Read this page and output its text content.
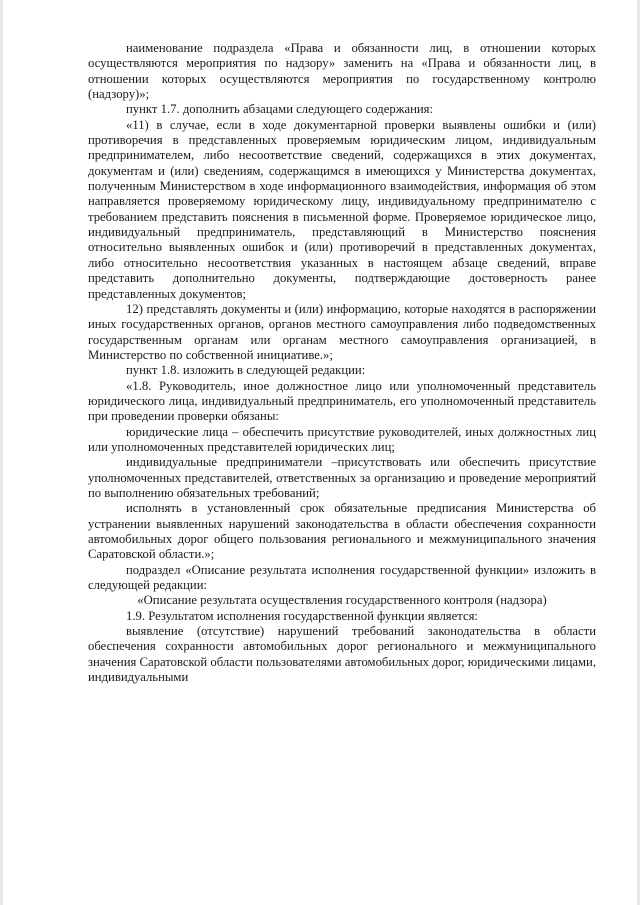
наименование подраздела «Права и обязанности лиц, в отношении которых осуществляются мероприятия по надзору» заменить на «Права и обязанности лиц, в отношении которых осуществляются мероприятия по государственному контролю (надзору)»;

пункт 1.7. дополнить абзацами следующего содержания:

«11) в случае, если в ходе документарной проверки выявлены ошибки и (или) противоречия в представленных проверяемым юридическим лицом, индивидуальным предпринимателем, либо несоответствие сведений, содержащихся в этих документах, документам и (или) сведениям, содержащимся в имеющихся у Министерства документах, полученным Министерством в ходе информационного взаимодействия, информация об этом направляется проверяемому юридическому лицу, индивидуальному предпринимателю с требованием представить пояснения в письменной форме. Проверяемое юридическое лицо, индивидуальный предприниматель, представляющий в Министерство пояснения относительно выявленных ошибок и (или) противоречий в представленных документах, либо относительно несоответствия указанных в настоящем абзаце сведений, вправе представить дополнительно документы, подтверждающие достоверность ранее представленных документов;

12) представлять документы и (или) информацию, которые находятся в распоряжении иных государственных органов, органов местного самоуправления либо подведомственных государственным органам или органам местного самоуправления организацией, в Министерство по собственной инициативе.»;

пункт 1.8. изложить в следующей редакции:

«1.8. Руководитель, иное должностное лицо или уполномоченный представитель юридического лица, индивидуальный предприниматель, его уполномоченный представитель при проведении проверки обязаны:

юридические лица – обеспечить присутствие руководителей, иных должностных лиц или уполномоченных представителей юридических лиц;

индивидуальные предприниматели –присутствовать или обеспечить присутствие уполномоченных представителей, ответственных за организацию и проведение мероприятий по выполнению обязательных требований;

исполнять в установленный срок обязательные предписания Министерства об устранении выявленных нарушений законодательства в области обеспечения сохранности автомобильных дорог общего пользования регионального и межмуниципального значения Саратовской области.»;

подраздел «Описание результата исполнения государственной функции» изложить в следующей редакции:

«Описание результата осуществления государственного контроля (надзора)

1.9. Результатом исполнения государственной функции является:

выявление (отсутствие) нарушений требований законодательства в области обеспечения сохранности автомобильных дорог регионального и межмуниципального значения Саратовской области пользователями автомобильных дорог, юридическими лицами, индивидуальными
